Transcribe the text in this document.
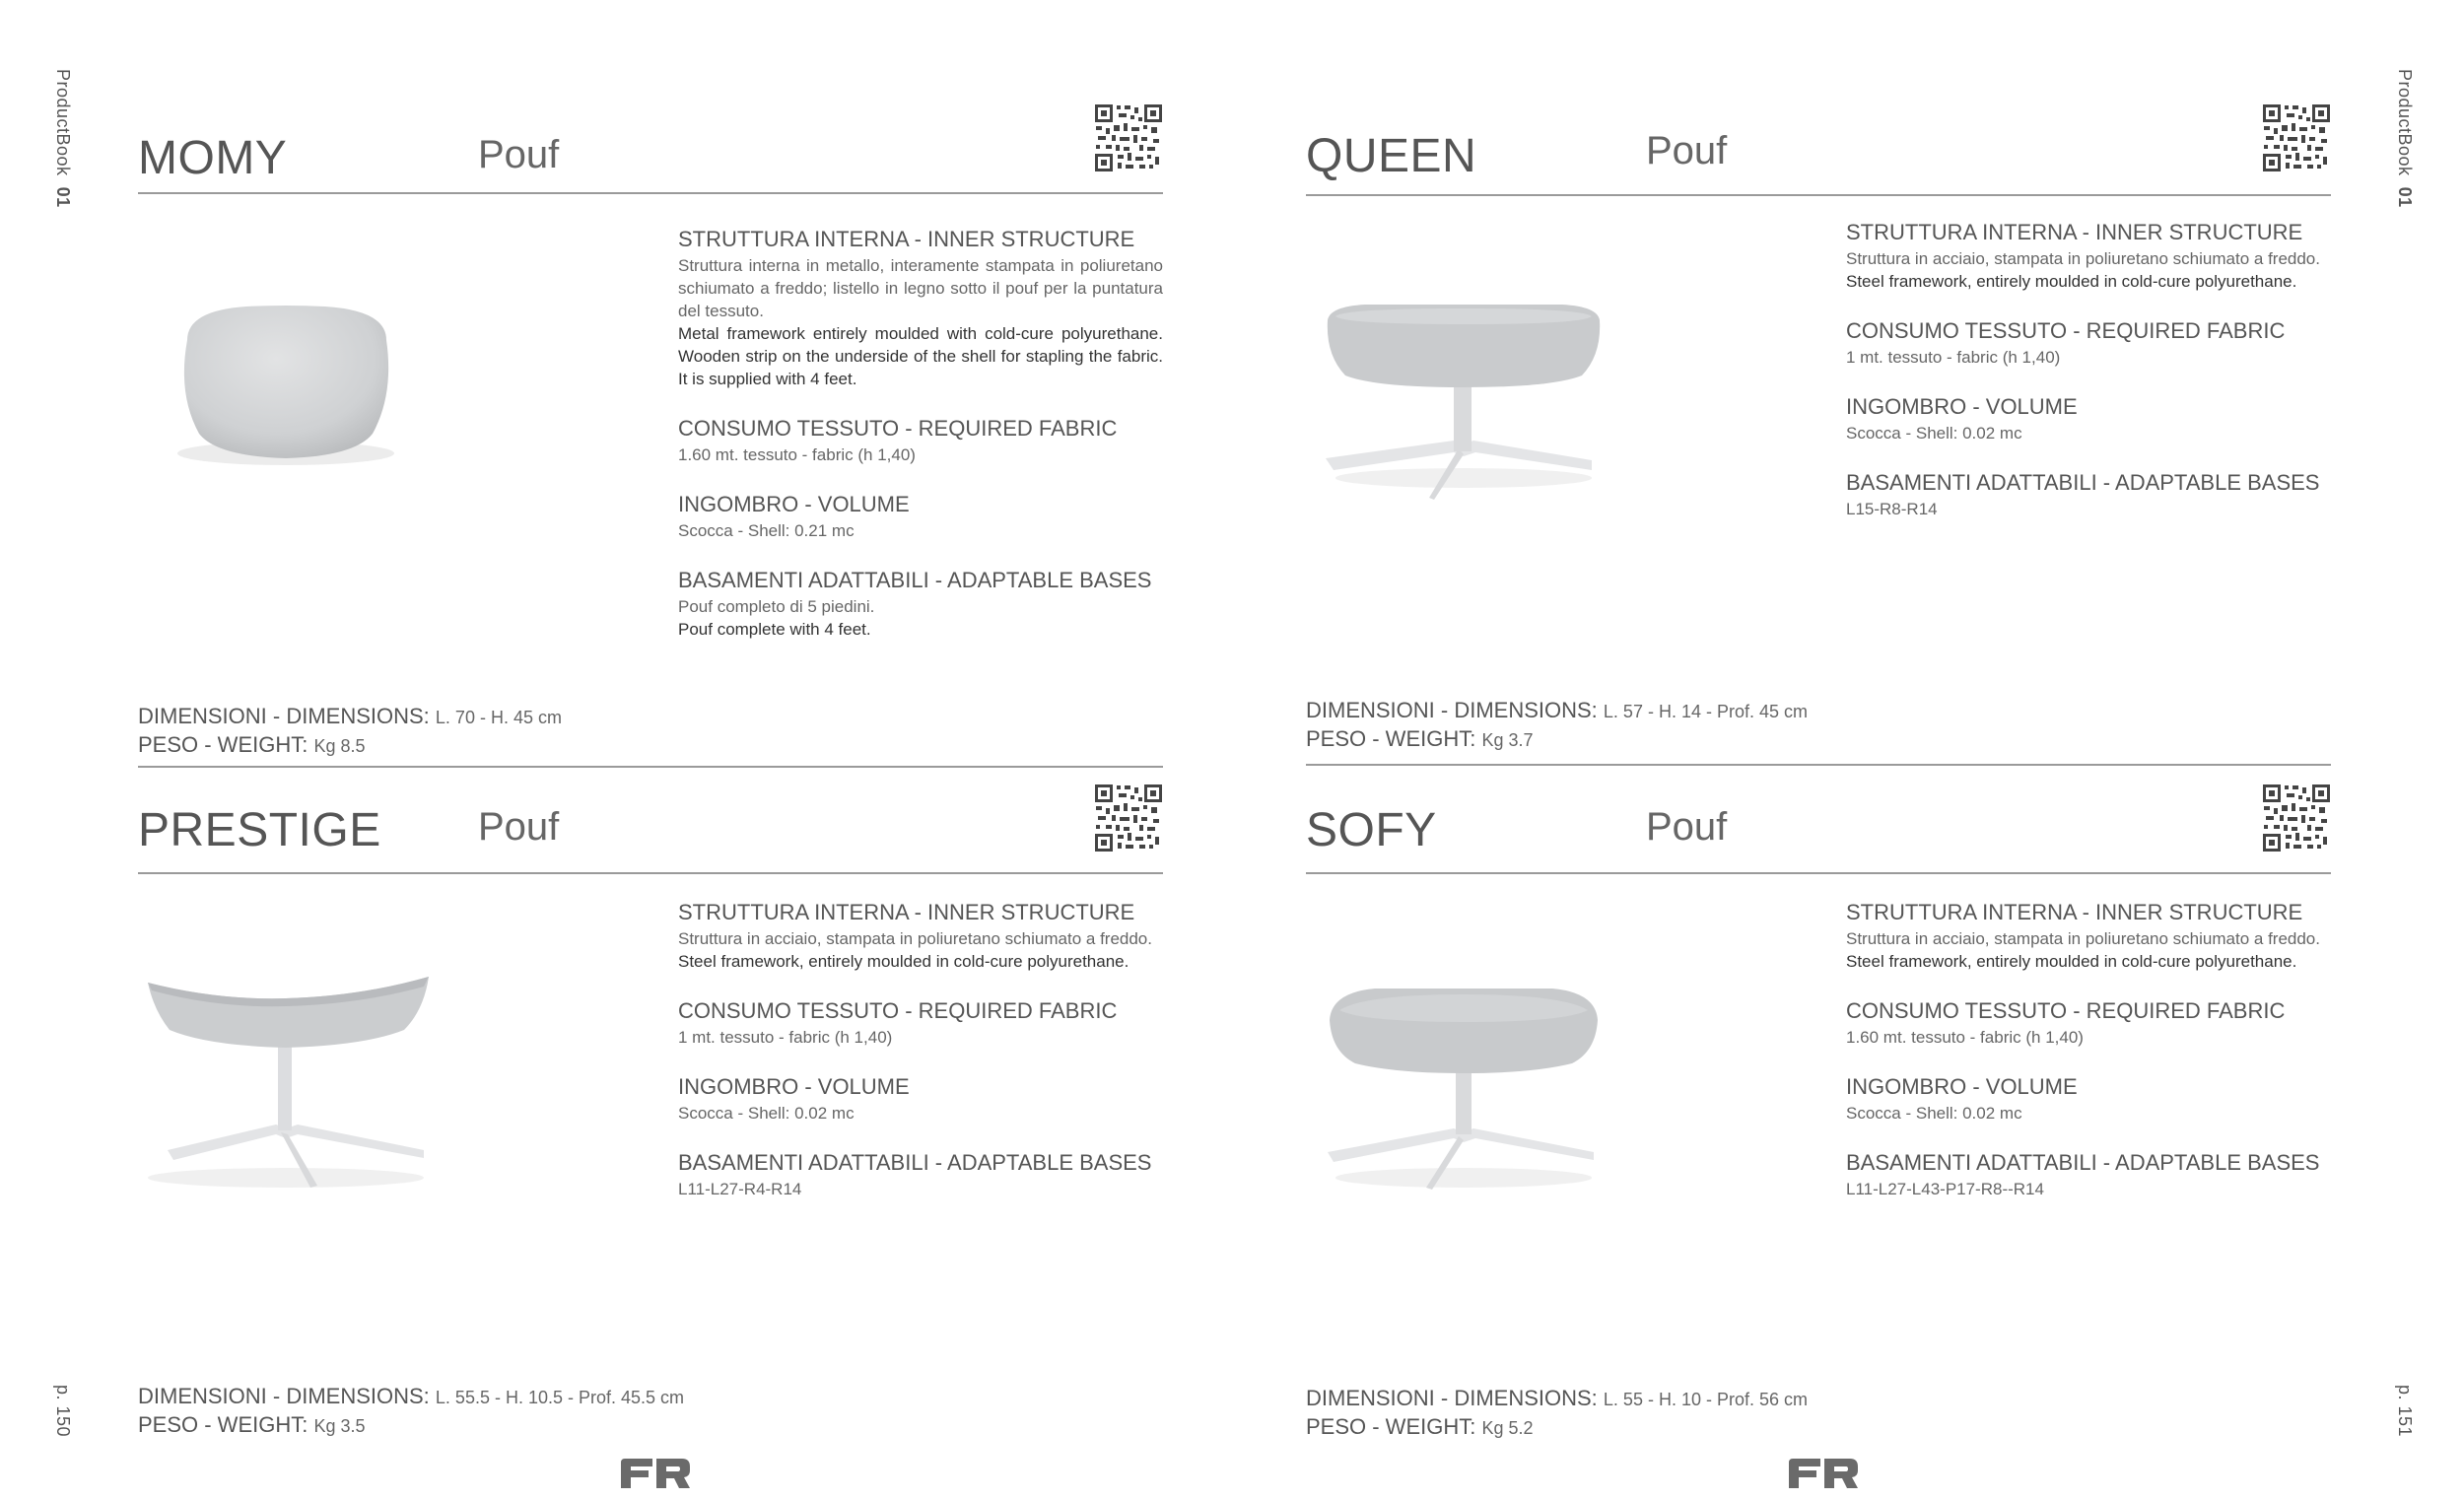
ProductBook  01
ProductBook  01
p. 150	p. 151
MOMY	Pouf

STRUTTURA INTERNA - INNER STRUCTURE

Struttura interna in metallo, interamente stampata in poliuretano schiumato a freddo; listello in legno sotto il pouf per la puntatura del tessuto.

Metal framework entirely moulded with cold-cure polyurethane. Wooden strip on the underside of the shell for stapling the fabric. It is supplied with 4 feet.

CONSUMO TESSUTO - REQUIRED FABRIC

1.60 mt. tessuto - fabric (h 1,40)

INGOMBRO - VOLUME

Scocca - Shell: 0.21 mc

BASAMENTI ADATTABILI - ADAPTABLE BASES

Pouf completo di 5 piedini.

Pouf complete with 4 feet.

DIMENSIONI - DIMENSIONS: L. 70 - H. 45 cm
PESO - WEIGHT: Kg 8.5
QUEEN	Pouf

STRUTTURA INTERNA - INNER STRUCTURE

Struttura in acciaio, stampata in poliuretano schiumato a freddo.

Steel framework, entirely moulded in cold-cure polyurethane.

CONSUMO TESSUTO - REQUIRED FABRIC

1 mt. tessuto - fabric (h 1,40)

INGOMBRO - VOLUME

Scocca - Shell: 0.02 mc

BASAMENTI ADATTABILI - ADAPTABLE BASES

L15-R8-R14

DIMENSIONI - DIMENSIONS: L. 57 - H. 14 - Prof. 45 cm
PESO - WEIGHT: Kg 3.7
PRESTIGE Pouf

STRUTTURA INTERNA - INNER STRUCTURE

Struttura in acciaio, stampata in poliuretano schiumato a freddo.

Steel framework, entirely moulded in cold-cure polyurethane.

CONSUMO TESSUTO - REQUIRED FABRIC

1 mt. tessuto - fabric (h 1,40)

INGOMBRO - VOLUME

Scocca - Shell: 0.02 mc

BASAMENTI ADATTABILI - ADAPTABLE BASES

L11-L27-R4-R14

DIMENSIONI - DIMENSIONS: L. 55.5 - H. 10.5 - Prof. 45.5 cm
PESO - WEIGHT: Kg 3.5
SOFY	Pouf

STRUTTURA INTERNA - INNER STRUCTURE

Struttura in acciaio, stampata in poliuretano schiumato a freddo.

Steel framework, entirely moulded in cold-cure polyurethane.

CONSUMO TESSUTO - REQUIRED FABRIC

1.60 mt. tessuto - fabric (h 1,40)

INGOMBRO - VOLUME

Scocca - Shell: 0.02 mc

BASAMENTI ADATTABILI - ADAPTABLE BASES

L11-L27-L43-P17-R8--R14

DIMENSIONI - DIMENSIONS: L. 55 - H. 10 - Prof. 56 cm
PESO - WEIGHT: Kg 5.2
